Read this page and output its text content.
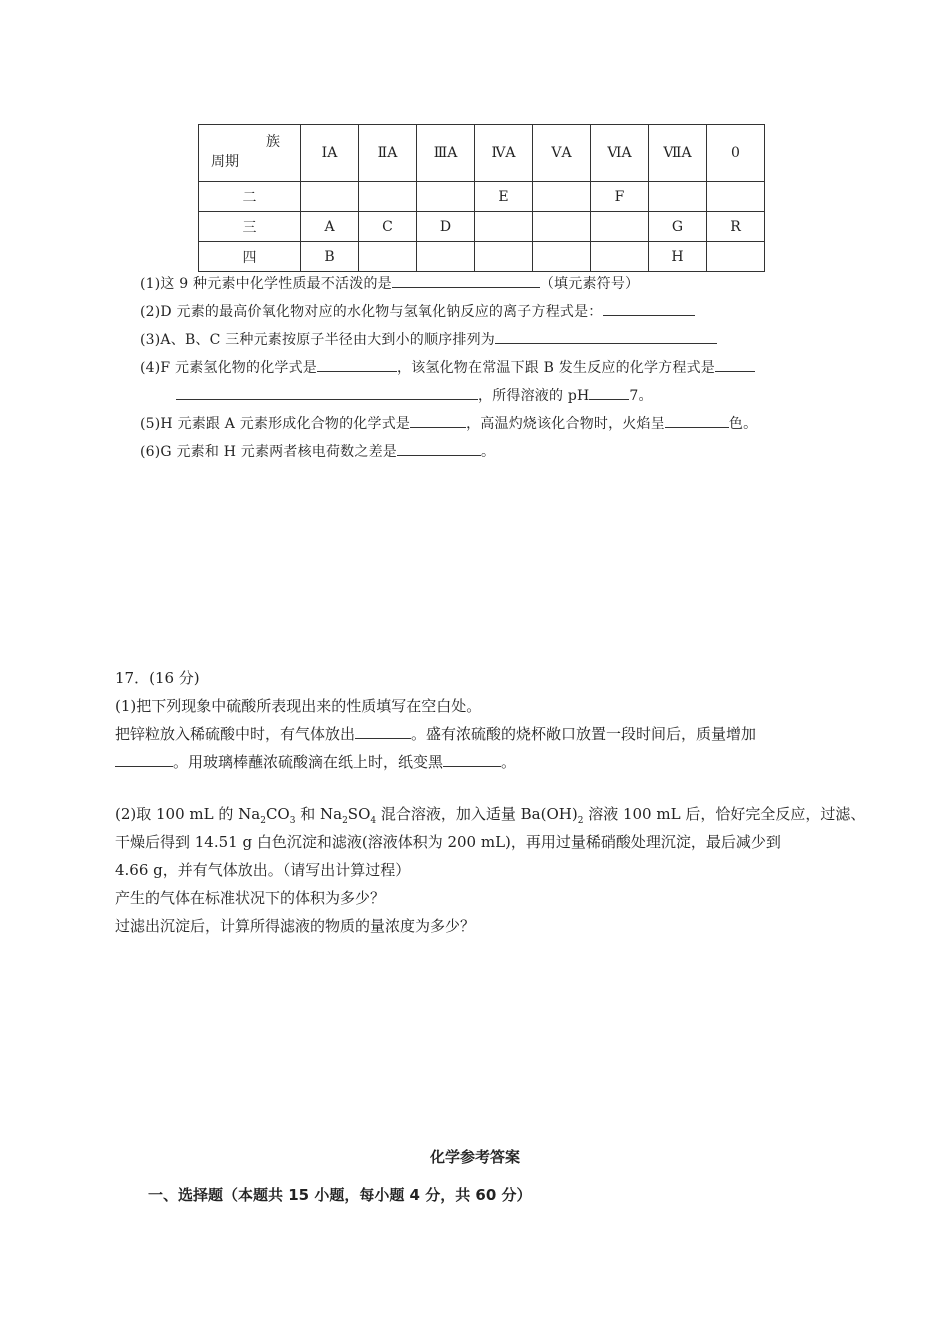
族
周期	ⅠA	ⅡA	ⅢA	ⅣA	ⅤA	ⅥA	ⅦA	0
二				E		F		
三	A	C	D				G	R
四	B						H	
(1)这 9 种元素中化学性质最不活泼的是	（填元素符号）
(2)D 元素的最高价氧化物对应的水化物与氢氧化钠反应的离子方程式是：
(3)A、B、C 三种元素按原子半径由大到小的顺序排列为
(4)F 元素氢化物的化学式是	，该氢化物在常温下跟 B 发生反应的化学方程式是
，所得溶液的 pH	7。
(5)H 元素跟 A 元素形成化合物的化学式是	，高温灼烧该化合物时，火焰呈	色。
(6)G 元素和 H 元素两者核电荷数之差是	。
17．(16 分)
(1)把下列现象中硫酸所表现出来的性质填写在空白处。
把锌粒放入稀硫酸中时，有气体放出	。盛有浓硫酸的烧杯敞口放置一段时间后，质量增加
。用玻璃棒蘸浓硫酸滴在纸上时，纸变黑	。
(2)取 100 mL 的 $Na_2CO_3$ 和 $Na_2SO_4$ 混合溶液，加入适量 $Ba(OH)_2$ 溶液 100 mL 后，恰好完全反应，过滤、
干燥后得到 14.51 g 白色沉淀和滤液(溶液体积为 200 mL)，再用过量稀硝酸处理沉淀，最后减少到
4.66 g，并有气体放出。（请写出计算过程）
产生的气体在标准状况下的体积为多少？
过滤出沉淀后，计算所得滤液的物质的量浓度为多少？
化学参考答案
一、选择题（本题共 15 小题，每小题 4 分，共 60 分）
